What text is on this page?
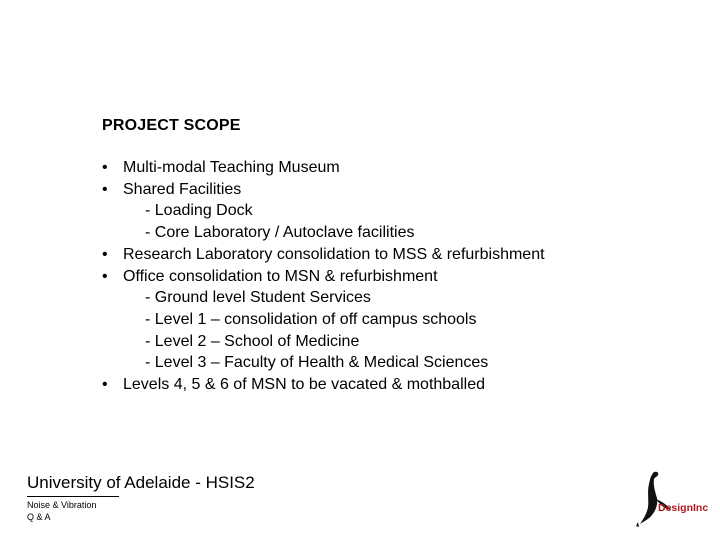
PROJECT SCOPE
• Multi-modal Teaching Museum
• Shared Facilities
- Loading Dock
- Core Laboratory / Autoclave facilities
• Research Laboratory consolidation to MSS & refurbishment
• Office consolidation to MSN & refurbishment
- Ground level Student Services
- Level 1 – consolidation of off campus schools
- Level 2 – School of Medicine
- Level 3 – Faculty of Health & Medical Sciences
• Levels 4, 5 & 6 of MSN to be vacated & mothballed
University of Adelaide - HSIS2
Noise & Vibration
Q & A
DesignInc
